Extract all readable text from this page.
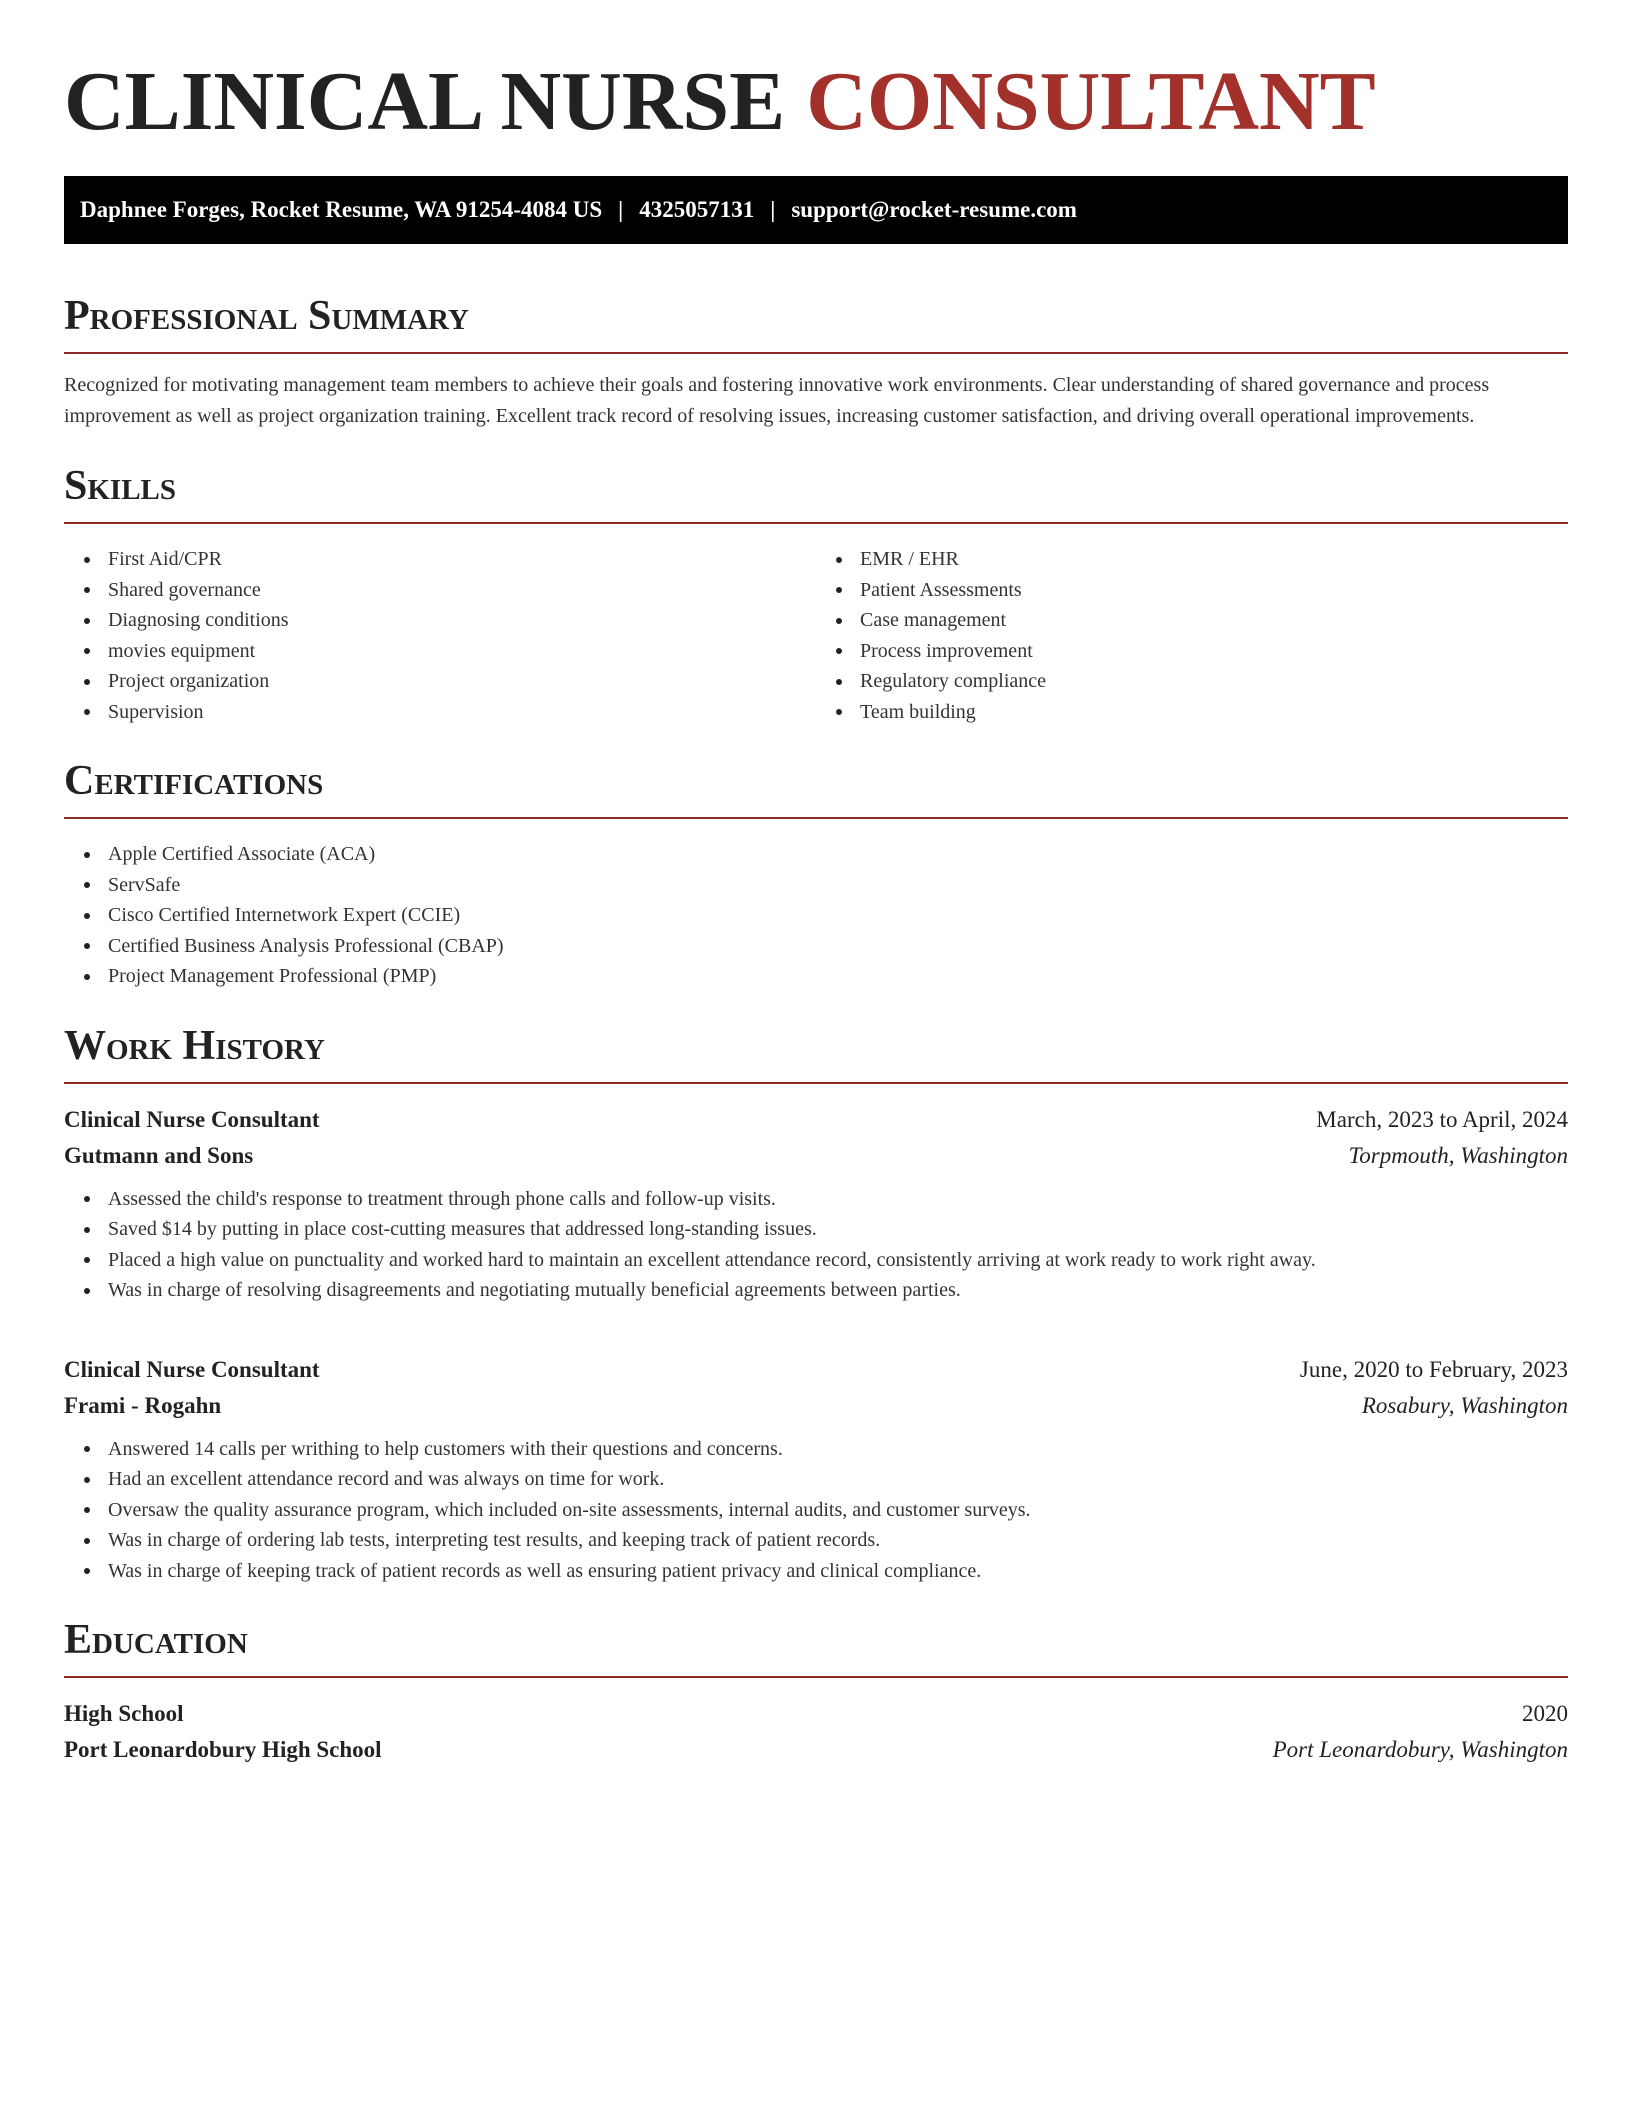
CLINICAL NURSE CONSULTANT
Daphnee Forges, Rocket Resume, WA 91254-4084 US | 4325057131 | support@rocket-resume.com
Professional Summary

Recognized for motivating management team members to achieve their goals and fostering innovative work environments. Clear understanding of shared governance and process improvement as well as project organization training. Excellent track record of resolving issues, increasing customer satisfaction, and driving overall operational improvements.

Skills
First Aid/CPR
Shared governance
Diagnosing conditions
movies equipment
Project organization
Supervision
EMR / EHR
Patient Assessments
Case management
Process improvement
Regulatory compliance
Team building
Certifications
Apple Certified Associate (ACA)
ServSafe
Cisco Certified Internetwork Expert (CCIE)
Certified Business Analysis Professional (CBAP)
Project Management Professional (PMP)
Work History
Clinical Nurse Consultant	March, 2023 to April, 2024
Gutmann and Sons	Torpmouth, Washington
Assessed the child's response to treatment through phone calls and follow-up visits.
Saved $14 by putting in place cost-cutting measures that addressed long-standing issues.
Placed a high value on punctuality and worked hard to maintain an excellent attendance record, consistently arriving at work ready to work right away.
Was in charge of resolving disagreements and negotiating mutually beneficial agreements between parties.
Clinical Nurse Consultant	June, 2020 to February, 2023
Frami - Rogahn	Rosabury, Washington
Answered 14 calls per writhing to help customers with their questions and concerns.
Had an excellent attendance record and was always on time for work.
Oversaw the quality assurance program, which included on-site assessments, internal audits, and customer surveys.
Was in charge of ordering lab tests, interpreting test results, and keeping track of patient records.
Was in charge of keeping track of patient records as well as ensuring patient privacy and clinical compliance.
Education
High School	2020
Port Leonardobury High School	Port Leonardobury, Washington
